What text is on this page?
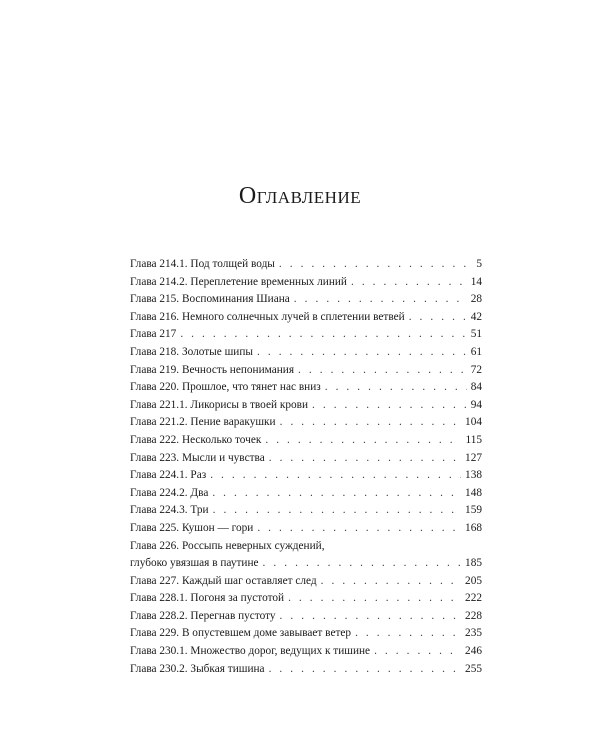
Оглавление
Глава 214.1. Под толщей воды . . .	5
Глава 214.2. Переплетение временных линий . . .	14
Глава 215. Воспоминания Шиана . . .	28
Глава 216. Немного солнечных лучей в сплетении ветвей . . .	42
Глава 217 . . .	51
Глава 218. Золотые шипы . . .	61
Глава 219. Вечность непонимания . . .	72
Глава 220. Прошлое, что тянет нас вниз . . .	84
Глава 221.1. Ликорисы в твоей крови . . .	94
Глава 221.2. Пение варакушки . . .	104
Глава 222. Несколько точек . . .	115
Глава 223. Мысли и чувства . . .	127
Глава 224.1. Раз . . .	138
Глава 224.2. Два . . .	148
Глава 224.3. Три . . .	159
Глава 225. Кушон — гори . . .	168
Глава 226. Россыпь неверных суждений,
глубоко увязшая в паутине . . .	185
Глава 227. Каждый шаг оставляет след . . .	205
Глава 228.1. Погоня за пустотой . . .	222
Глава 228.2. Перегнав пустоту . . .	228
Глава 229. В опустевшем доме завывает ветер . . .	235
Глава 230.1. Множество дорог, ведущих к тишине . . .	246
Глава 230.2. Зыбкая тишина . . .	255
